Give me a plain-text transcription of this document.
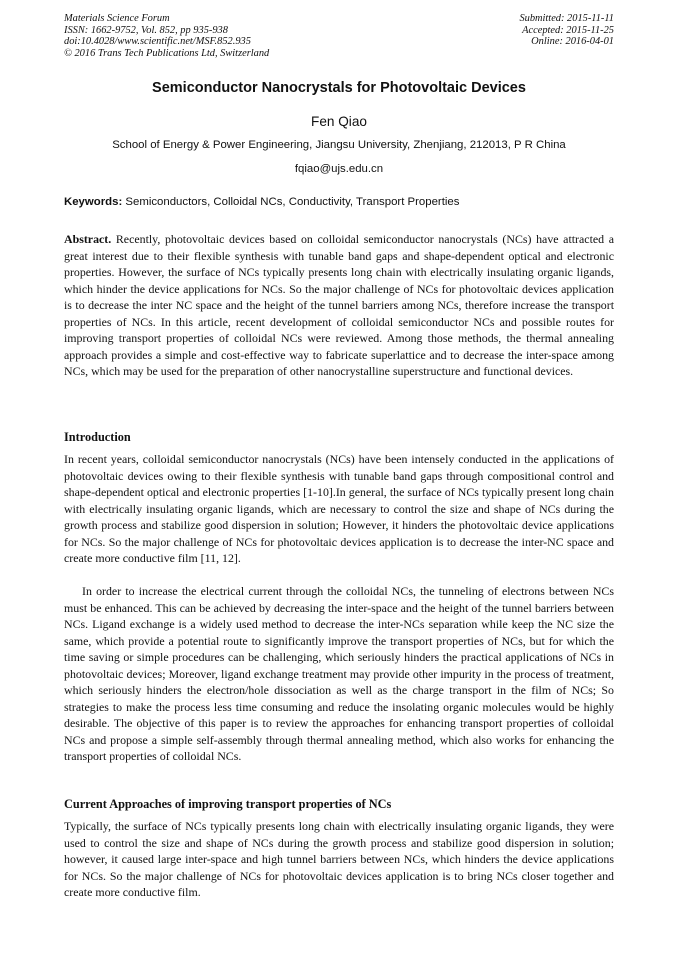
Materials Science Forum
ISSN: 1662-9752, Vol. 852, pp 935-938
doi:10.4028/www.scientific.net/MSF.852.935
© 2016 Trans Tech Publications Ltd, Switzerland
Submitted: 2015-11-11
Accepted: 2015-11-25
Online: 2016-04-01
Semiconductor Nanocrystals for Photovoltaic Devices
Fen Qiao
School of Energy & Power Engineering, Jiangsu University, Zhenjiang, 212013, P R China
fqiao@ujs.edu.cn
Keywords: Semiconductors, Colloidal NCs, Conductivity, Transport Properties

Abstract. Recently, photovoltaic devices based on colloidal semiconductor nanocrystals (NCs) have attracted a great interest due to their flexible synthesis with tunable band gaps and shape-dependent optical and electronic properties. However, the surface of NCs typically presents long chain with electrically insulating organic ligands, which hinder the device applications for NCs. So the major challenge of NCs for photovoltaic devices application is to decrease the inter NC space and the height of the tunnel barriers among NCs, therefore increase the transport properties of NCs. In this article, recent development of colloidal semiconductor NCs and possible routes for improving transport properties of colloidal NCs were reviewed. Among those methods, the thermal annealing approach provides a simple and cost-effective way to fabricate superlattice and to decrease the inter-space among NCs, which may be used for the preparation of other nanocrystalline superstructure and functional devices.

Introduction

In recent years, colloidal semiconductor nanocrystals (NCs) have been intensely conducted in the applications of photovoltaic devices owing to their flexible synthesis with tunable band gaps through compositional control and shape-dependent optical and electronic properties [1-10].In general, the surface of NCs typically present long chain with electrically insulating organic ligands, which are necessary to control the size and shape of NCs during the growth process and stabilize good dispersion in solution; However, it hinders the photovoltaic device applications for NCs. So the major challenge of NCs for photovoltaic devices application is to decrease the inter-NC space and create more conductive film [11, 12].

In order to increase the electrical current through the colloidal NCs, the tunneling of electrons between NCs must be enhanced. This can be achieved by decreasing the inter-space and the height of the tunnel barriers between NCs. Ligand exchange is a widely used method to decrease the inter-NCs separation while keep the NC size the same, which provide a potential route to significantly improve the transport properties of NCs, but for which the time saving or simple procedures can be challenging, which seriously hinders the practical applications of NCs in photovoltaic devices; Moreover, ligand exchange treatment may provide other impurity in the process of treatment, which seriously hinders the electron/hole dissociation as well as the charge transport in the film of NCs; So strategies to make the process less time consuming and reduce the insolating organic molecules would be highly desirable. The objective of this paper is to review the approaches for enhancing transport properties of colloidal NCs and propose a simple self-assembly through thermal annealing method, which also works for enhancing the transport properties of colloidal NCs.

Current Approaches of improving transport properties of NCs

Typically, the surface of NCs typically presents long chain with electrically insulating organic ligands, they were used to control the size and shape of NCs during the growth process and stabilize good dispersion in solution; however, it caused large inter-space and high tunnel barriers between NCs, which hinders the device applications for NCs. So the major challenge of NCs for photovoltaic devices application is to bring NCs closer together and create more conductive film.
